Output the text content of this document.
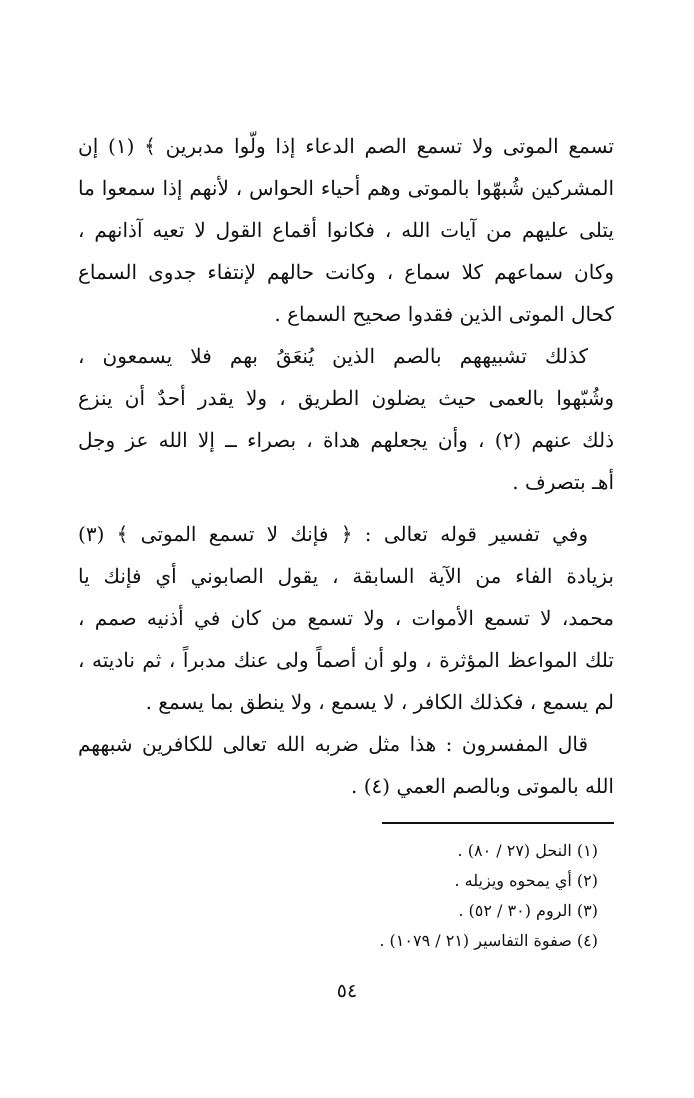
تسمع الموتى ولا تسمع الصم الدعاء إذا ولّوا مدبرين ﴾ (١) إن
المشركين شُبهّوا بالموتى وهم أحياء الحواس ، لأنهم إذا سمعوا ما
يتلى عليهم من آيات الله ، فكانوا أقماع القول لا تعيه آذانهم ،
وكان سماعهم كلا سماع ، وكانت حالهم لإنتفاء جدوى السماع
كحال الموتى الذين فقدوا صحيح السماع .
كذلك تشبيههم بالصم الذين يُنعَقُ بهم فلا يسمعون ،
وشُبّهوا بالعمى حيث يضلون الطريق ، ولا يقدر أحدٌ أن ينزع
ذلك عنهم (٢) ، وأن يجعلهم هداة ، بصراء ــ إلا الله عز وجل
أهـ بتصرف .
وفي تفسير قوله تعالى : ﴿ فإنك لا تسمع الموتى ﴾ (٣)
بزيادة الفاء من الآية السابقة ، يقول الصابوني أي فإنك يا
محمد، لا تسمع الأموات ، ولا تسمع من كان في أذنيه صمم ،
تلك المواعظ المؤثرة ، ولو أن أصماً ولى عنك مدبراً ، ثم ناديته ،
لم يسمع ، فكذلك الكافر ، لا يسمع ، ولا ينطق بما يسمع .
قال المفسرون : هذا مثل ضربه الله تعالى للكافرين شبههم
الله بالموتى وبالصم العمي (٤) .
(١) النحل (٢٧ / ٨٠) .
(٢) أي يمحوه ويزيله .
(٣) الروم (٣٠ / ٥٢) .
(٤) صفوة التفاسير (٢١ / ١٠٧٩) .
٥٤
